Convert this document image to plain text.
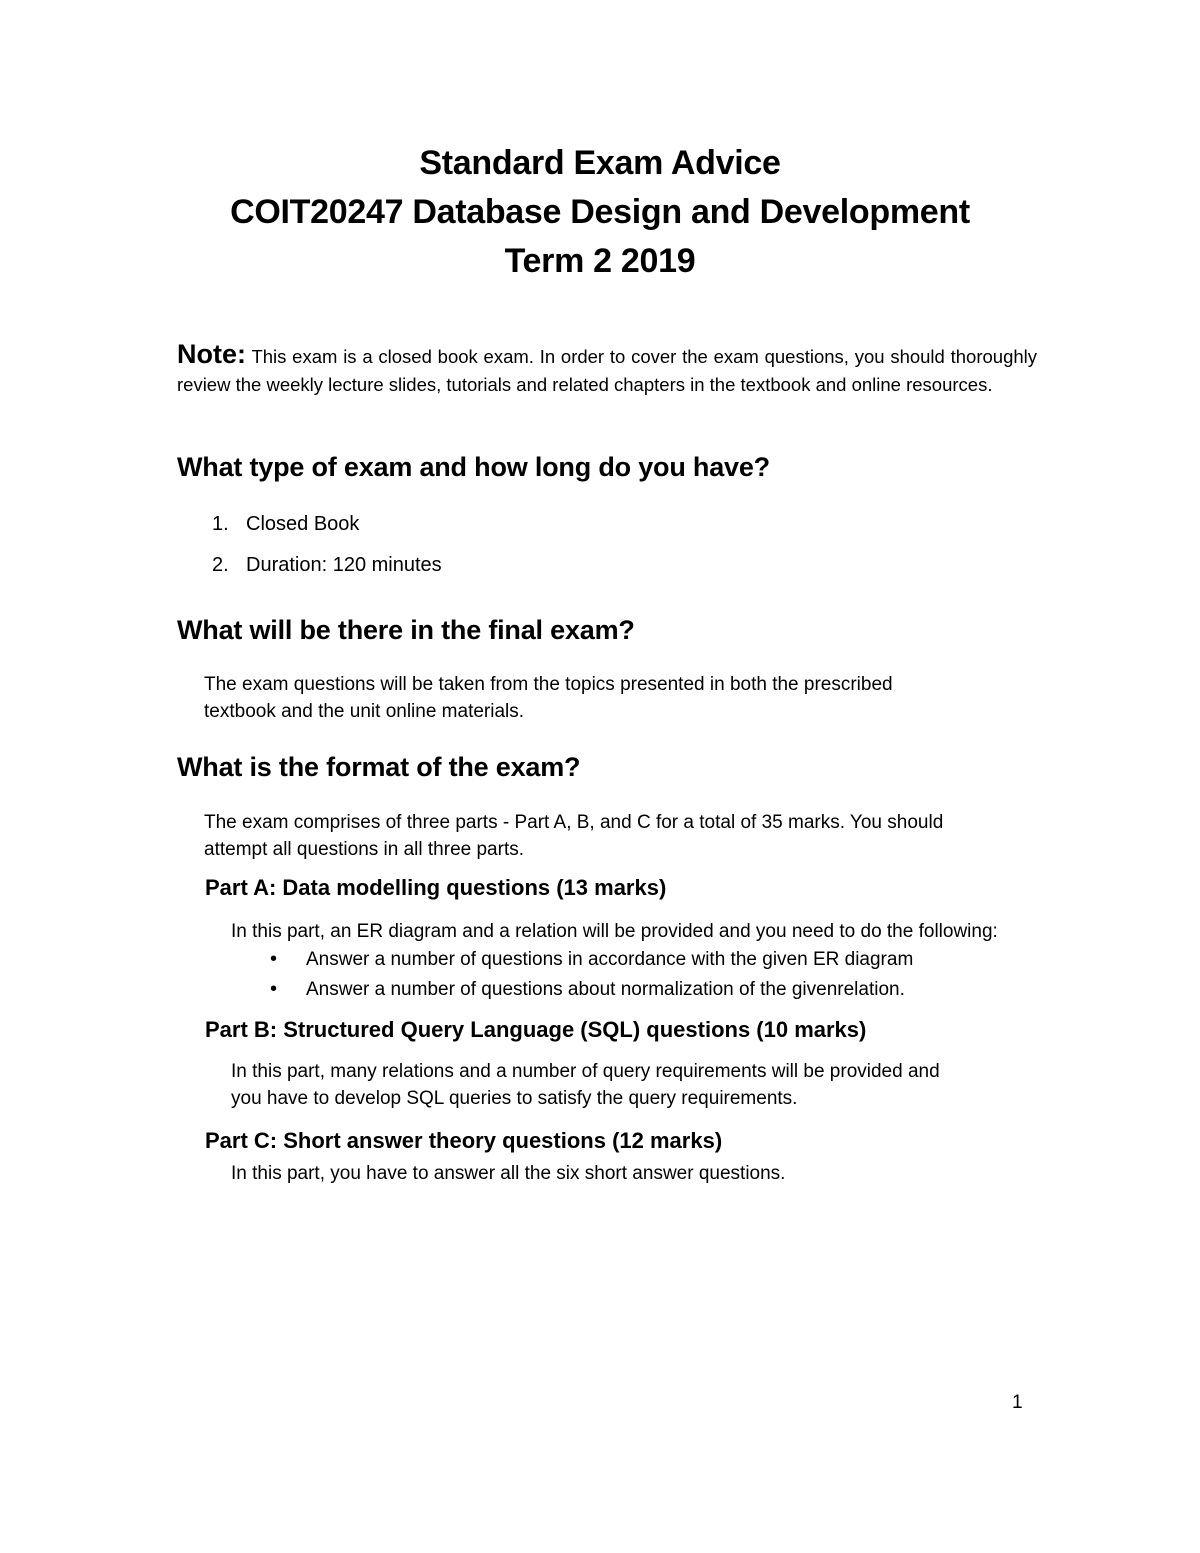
Standard Exam Advice
COIT20247 Database Design and Development
Term 2 2019
Note: This exam is a closed book exam. In order to cover the exam questions, you should thoroughly review the weekly lecture slides, tutorials and related chapters in the textbook and online resources.
What type of exam and how long do you have?
1. Closed Book
2. Duration: 120 minutes
What will be there in the final exam?
The exam questions will be taken from the topics presented in both the prescribed
textbook and the unit online materials.
What is the format of the exam?
The exam comprises of three parts - Part A, B, and C for a total of 35 marks. You should
attempt all questions in all three parts.
Part A: Data modelling questions (13 marks)
In this part, an ER diagram and a relation will be provided and you need to do the following:
• Answer a number of questions in accordance with the given ER diagram
• Answer a number of questions about normalization of the givenrelation.
Part B: Structured Query Language (SQL) questions (10 marks)
In this part, many relations and a number of query requirements will be provided and
you have to develop SQL queries to satisfy the query requirements.
Part C: Short answer theory questions (12 marks)
In this part, you have to answer all the six short answer questions.
1
